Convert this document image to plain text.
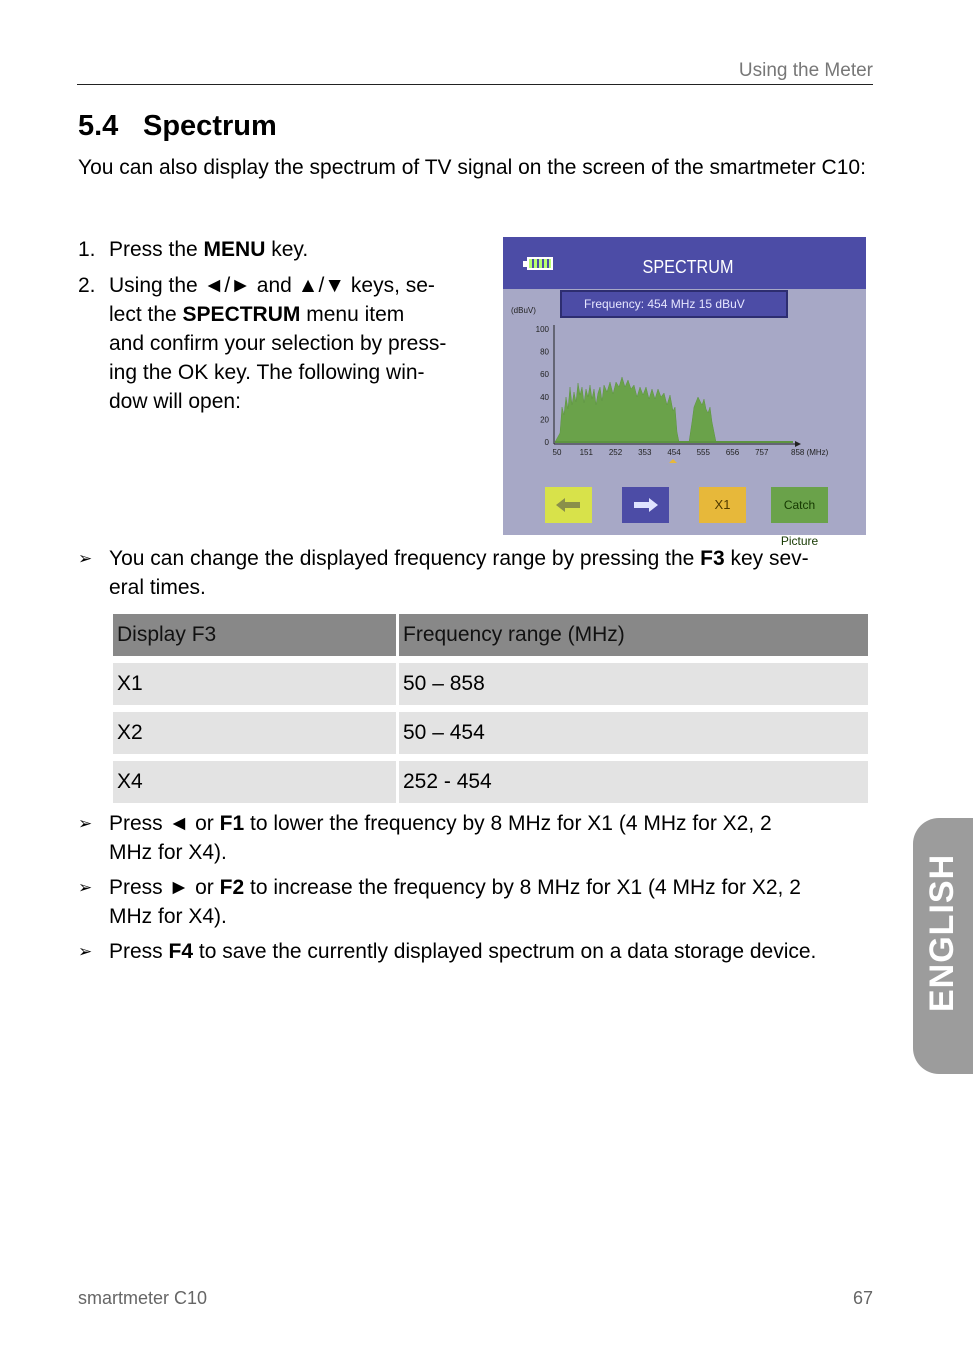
Using the Meter
5.4 Spectrum
You can also display the spectrum of TV signal on the screen of the smartmeter C10:
1. Press the MENU key.
2. Using the ◄/► and ▲/▼ keys, se-
lect the SPECTRUM menu item
and confirm your selection by press-
ing the OK key. The following win-
dow will open:
SPECTRUM
Frequency: 454 MHz 15 dBuV
(dBuV)
100
80
60
40
20
0
50 151 252 353 454 555 656 757	858 (MHz)
X1	Catch Picture
➢ You can change the displayed frequency range by pressing the F3 key sev-
eral times.
Display F3	Frequency range (MHz)
X1	50 – 858
X2	50 – 454
X4	252 - 454
➢ Press ◄ or F1 to lower the frequency by 8 MHz for X1 (4 MHz for X2, 2
MHz for X4).
➢ Press ► or F2 to increase the frequency by 8 MHz for X1 (4 MHz for X2, 2
MHz for X4).
➢ Press F4 to save the currently displayed spectrum on a data storage device.	ENGLISH
smartmeter C10	67
